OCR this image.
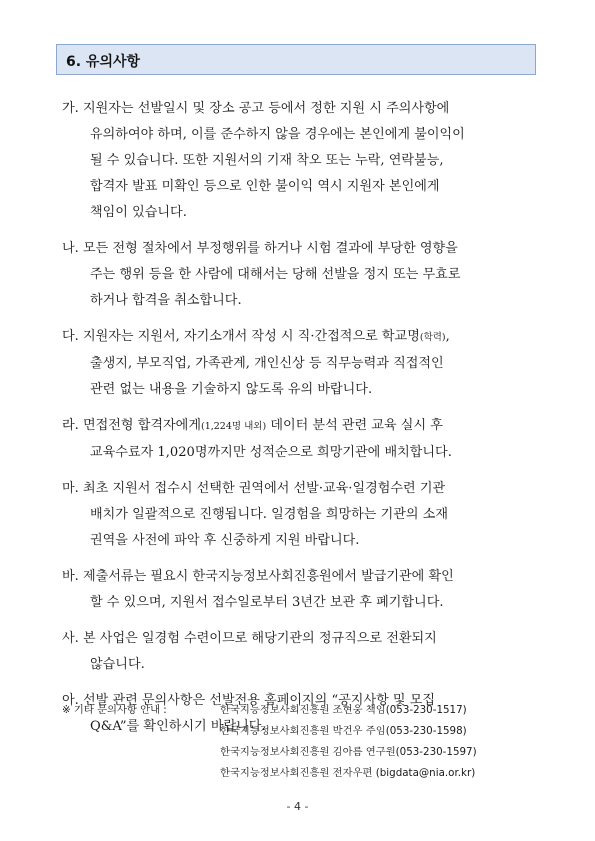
6. 유의사항
가. 지원자는 선발일시 및 장소 공고 등에서 정한 지원 시 주의사항에
유의하여야 하며, 이를 준수하지 않을 경우에는 본인에게 불이익이
될 수 있습니다. 또한 지원서의 기재 착오 또는 누락, 연락불능,
합격자 발표 미확인 등으로 인한 불이익 역시 지원자 본인에게
책임이 있습니다.
나. 모든 전형 절차에서 부정행위를 하거나 시험 결과에 부당한 영향을
주는 행위 등을 한 사람에 대해서는 당해 선발을 정지 또는 무효로
하거나 합격을 취소합니다.
다. 지원자는 지원서, 자기소개서 작성 시 직·간접적으로 학교명(학력),
출생지, 부모직업, 가족관계, 개인신상 등 직무능력과 직접적인
관련 없는 내용을 기술하지 않도록 유의 바랍니다.
라. 면접전형 합격자에게(1,224명 내외) 데이터 분석 관련 교육 실시 후
교육수료자 1,020명까지만 성적순으로 희망기관에 배치합니다.
마. 최초 지원서 접수시 선택한 권역에서 선발·교육·일경험수련 기관
배치가 일괄적으로 진행됩니다. 일경험을 희망하는 기관의 소재
권역을 사전에 파악 후 신중하게 지원 바랍니다.
바. 제출서류는 필요시 한국지능정보사회진흥원에서 발급기관에 확인
할 수 있으며, 지원서 접수일로부터 3년간 보관 후 폐기합니다.
사. 본 사업은 일경험 수련이므로 해당기관의 정규직으로 전환되지
않습니다.
아. 선발 관련 문의사항은 선발전용 홈페이지의 “공지사항 및 모집
Q&A”를 확인하시기 바랍니다.
※ 기타 문의사항 안내 :	한국지능정보사회진흥원 조현웅 책임(053-230-1517)
한국지능정보사회진흥원 박건우 주임(053-230-1598)
한국지능정보사회진흥원 김아름 연구원(053-230-1597)
한국지능정보사회진흥원 전자우편 (bigdata@nia.or.kr)
- 4 -
